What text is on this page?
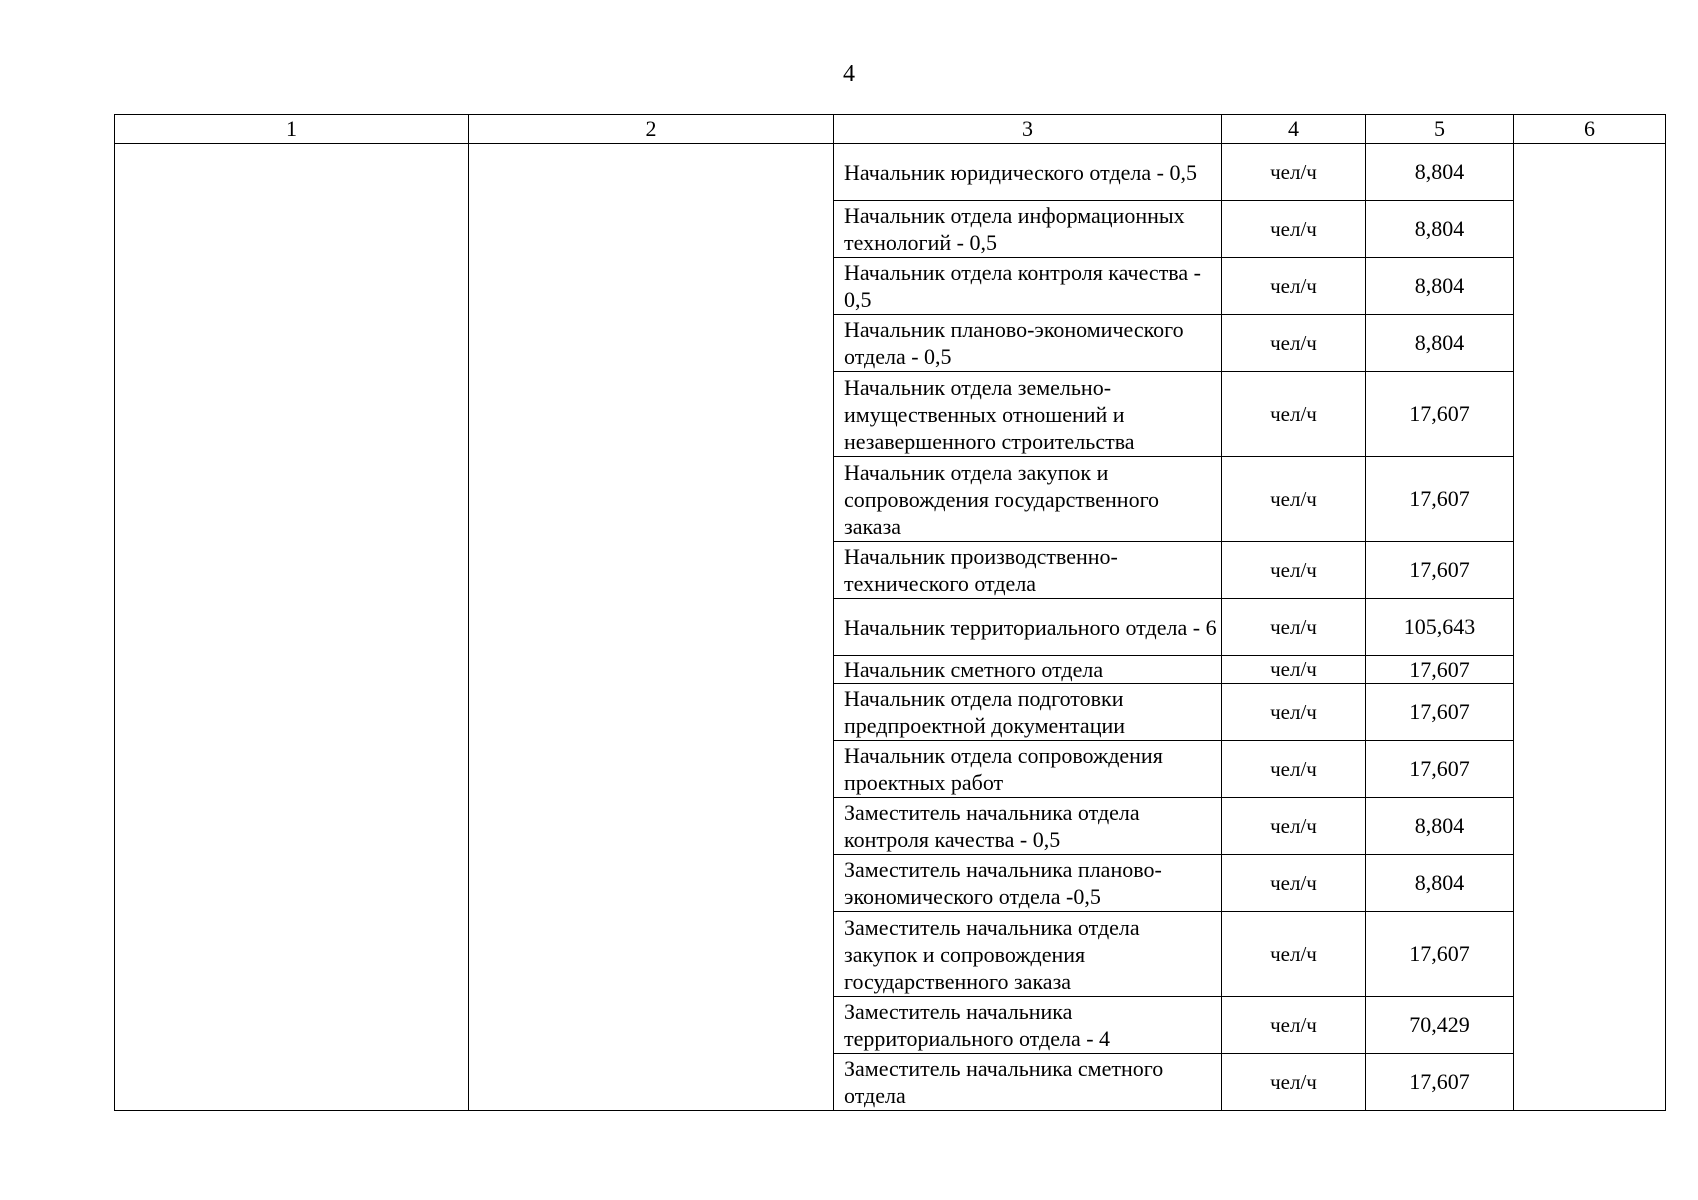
4
1	2	3	4	5	6
		Начальник юридического отдела - 0,5	чел/ч	8,804	
		Начальник отдела информационных технологий - 0,5	чел/ч	8,804	
		Начальник отдела контроля качества - 0,5	чел/ч	8,804	
		Начальник планово-экономического отдела - 0,5	чел/ч	8,804	
		Начальник отдела земельно-имущественных отношений и незавершенного строительства	чел/ч	17,607	
		Начальник отдела закупок и сопровождения государственного заказа	чел/ч	17,607	
		Начальник производственно-технического отдела	чел/ч	17,607	
		Начальник территориального отдела - 6	чел/ч	105,643	
		Начальник сметного отдела	чел/ч	17,607	
		Начальник отдела подготовки предпроектной документации	чел/ч	17,607	
		Начальник отдела сопровождения проектных работ	чел/ч	17,607	
		Заместитель начальника отдела контроля качества - 0,5	чел/ч	8,804	
		Заместитель начальника планово-экономического отдела -0,5	чел/ч	8,804	
		Заместитель начальника отдела закупок и сопровождения государственного заказа	чел/ч	17,607	
		Заместитель начальника территориального отдела - 4	чел/ч	70,429	
		Заместитель начальника сметного отдела	чел/ч	17,607	
